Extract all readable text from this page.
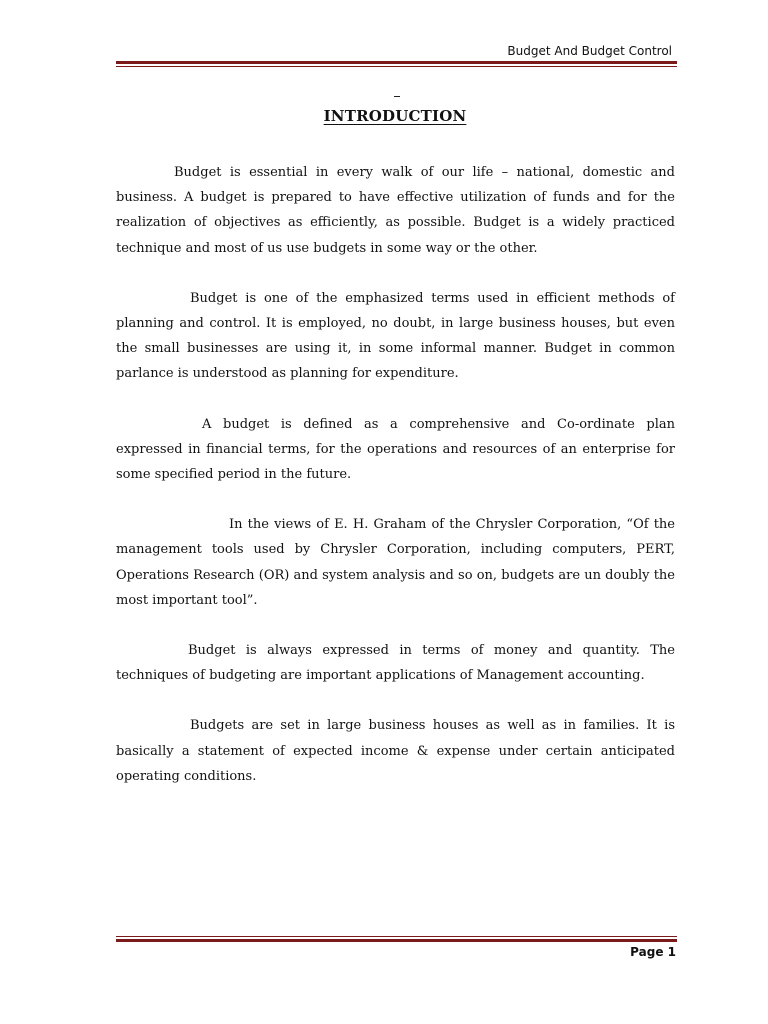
Budget And Budget Control
INTRODUCTION

Budget is essential in every walk of our life – national, domestic and business. A budget is prepared to have effective utilization of funds and for the realization of objectives as efficiently, as possible. Budget is a widely practiced technique and most of us use budgets in some way or the other.

Budget is one of the emphasized terms used in efficient methods of planning and control. It is employed, no doubt, in large business houses, but even the small businesses are using it, in some informal manner. Budget in common parlance is understood as planning for expenditure.

A budget is defined as a comprehensive and Co-ordinate plan expressed in financial terms, for the operations and resources of an enterprise for some specified period in the future.

In the views of E. H. Graham of the Chrysler Corporation, “Of the management tools used by Chrysler Corporation, including computers, PERT, Operations Research (OR) and system analysis and so on, budgets are un doubly the most important tool”.

Budget is always expressed in terms of money and quantity. The techniques of budgeting are important applications of Management accounting.

Budgets are set in large business houses as well as in families. It is basically a statement of expected income & expense under certain anticipated operating conditions.

Page 1
